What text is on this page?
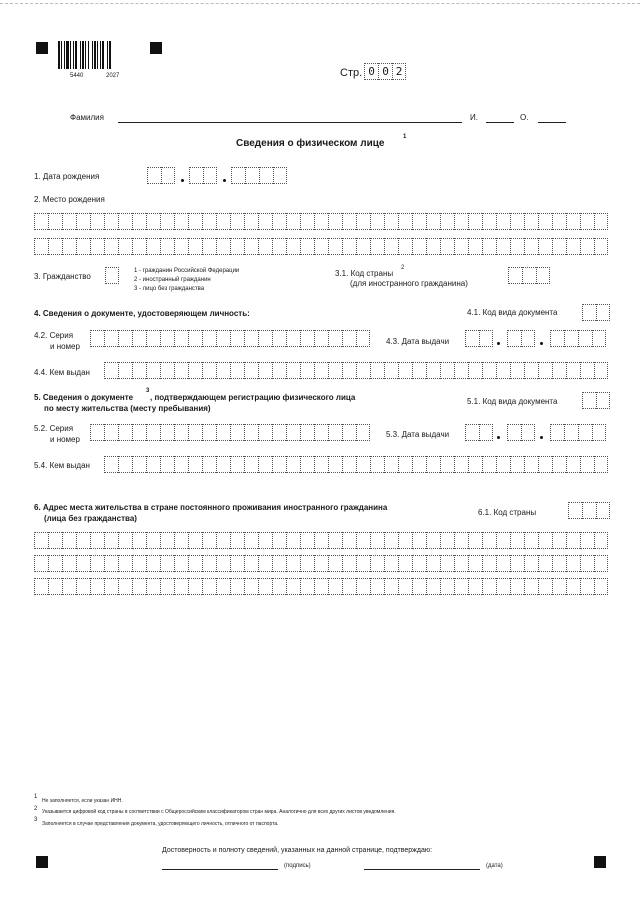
5440	2027	Стр. 0 0 2
Фамилия	И.	О.
Сведения о физическом лице
1
1. Дата рождения
2. Место рождения
3. Гражданство
1 - гражданин Российской Федерации
2 - иностранный гражданин
3 - лицо без гражданства
3.1. Код страны
2
(для иностранного гражданина)
4. Сведения о документе, удостоверяющем личность:	4.1. Код вида документа
4.2. Серия
и номер
4.3. Дата выдачи
4.4. Кем выдан
5. Сведения о документе
3
, подтверждающем регистрацию физического лица
по месту жительства (месту пребывания)
5.1. Код вида документа
5.2. Серия
и номер
5.3. Дата выдачи
5.4. Кем выдан
6. Адрес места жительства в стране постоянного проживания иностранного гражданина
(лица без гражданства)
6.1. Код страны
1
Не заполняется, если указан ИНН.
2 Указывается цифровой код страны в соответствии с Общероссийским классификатором стран мира. Аналогично для всех других листов уведомления.
3
Заполняется в случае представления документа, удостоверяющего личность, отличного от паспорта.
Достоверность и полноту сведений, указанных на данной странице, подтверждаю:
(подпись)	(дата)
